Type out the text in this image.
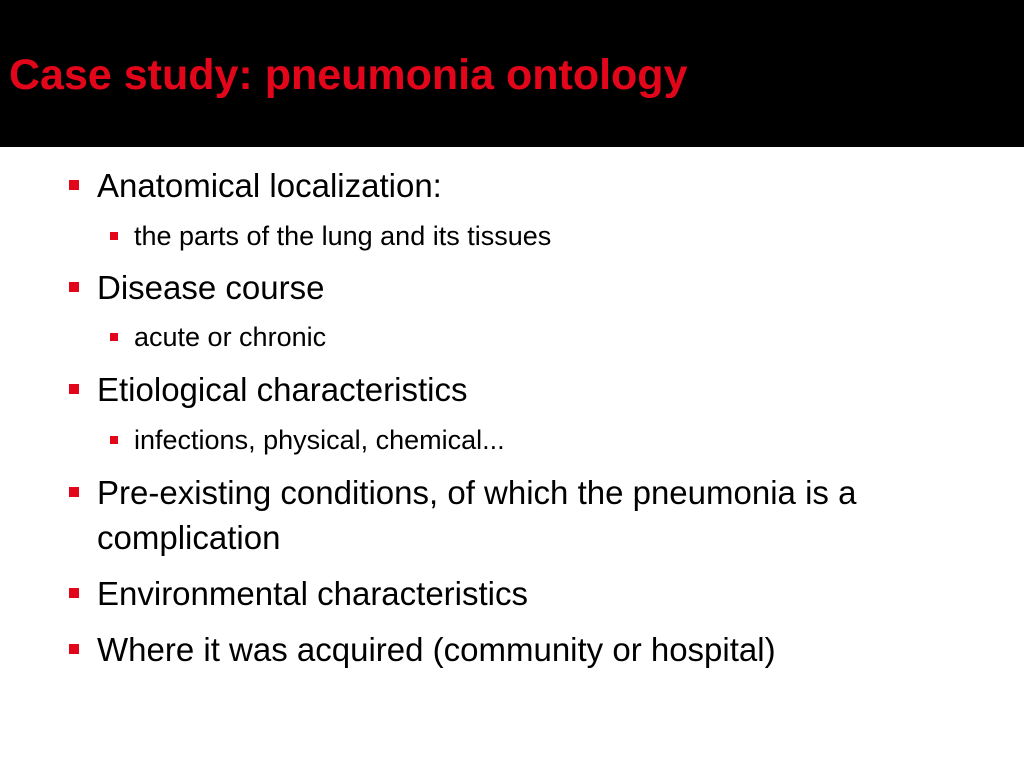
Case study: pneumonia ontology
Anatomical localization:
the parts of the lung and its tissues
Disease course
acute or chronic
Etiological characteristics
infections, physical, chemical...
Pre-existing conditions, of which the pneumonia is a complication
Environmental characteristics
Where it was acquired (community or hospital)
